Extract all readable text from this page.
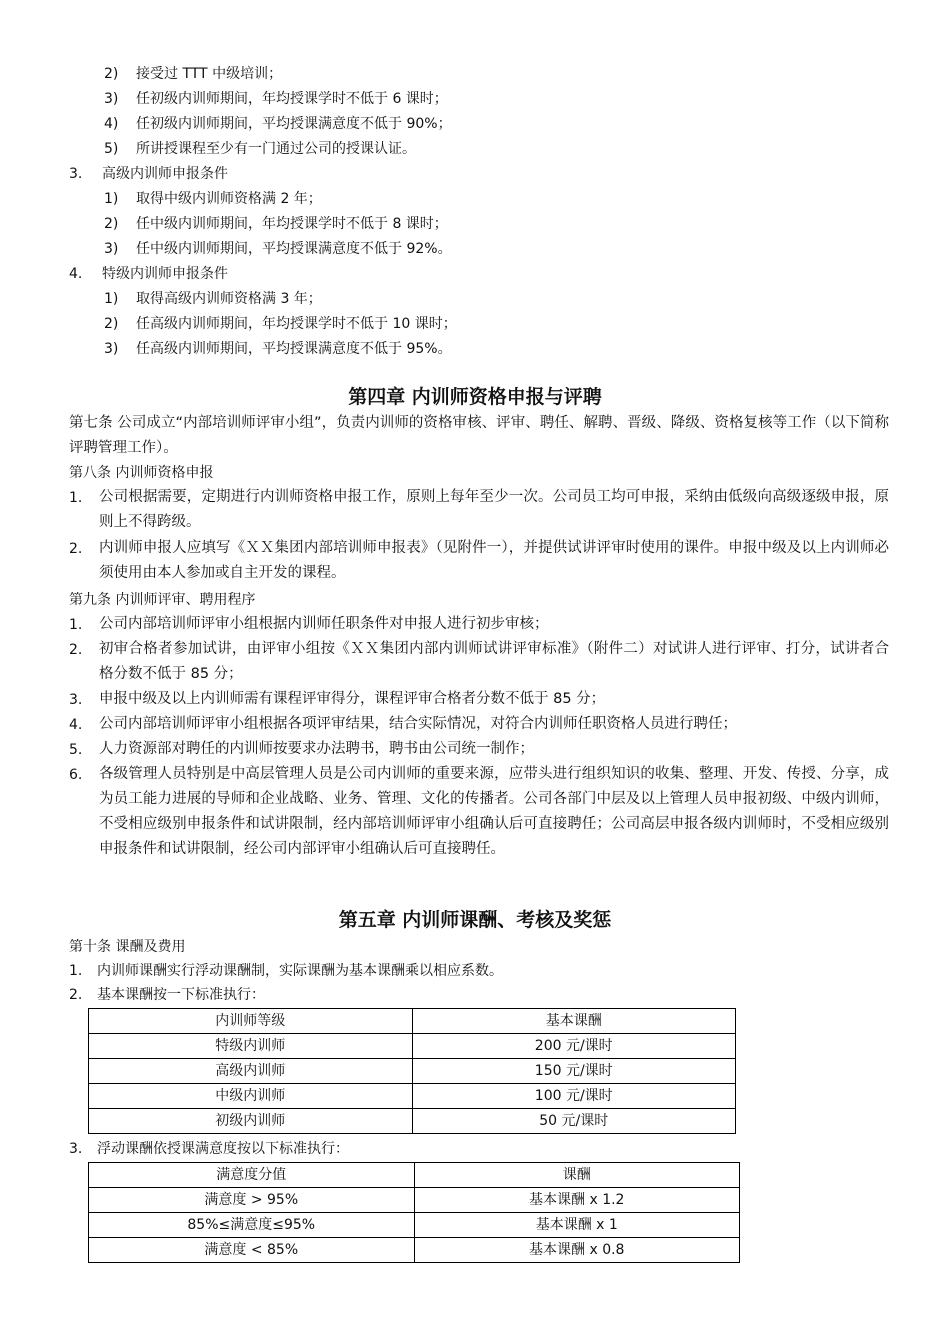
2) 接受过 TTT 中级培训；
3) 任初级内训师期间，年均授课学时不低于 6 课时；
4) 任初级内训师期间，平均授课满意度不低于 90%；
5) 所讲授课程至少有一门通过公司的授课认证。
3. 高级内训师申报条件
1) 取得中级内训师资格满 2 年；
2) 任中级内训师期间，年均授课学时不低于 8 课时；
3) 任中级内训师期间，平均授课满意度不低于 92%。
4. 特级内训师申报条件
1) 取得高级内训师资格满 3 年；
2) 任高级内训师期间，年均授课学时不低于 10 课时；
3) 任高级内训师期间，平均授课满意度不低于 95%。
第四章 内训师资格申报与评聘
第七条 公司成立“内部培训师评审小组”，负责内训师的资格审核、评审、聘任、解聘、晋级、降级、资格复核等工作（以下简称评聘管理工作）。
第八条 内训师资格申报
1. 公司根据需要，定期进行内训师资格申报工作，原则上每年至少一次。公司员工均可申报，采纳由低级向高级逐级申报，原则上不得跨级。
2. 内训师申报人应填写《ＸＸ集团内部培训师申报表》（见附件一），并提供试讲评审时使用的课件。申报中级及以上内训师必须使用由本人参加或自主开发的课程。
第九条 内训师评审、聘用程序
1. 公司内部培训师评审小组根据内训师任职条件对申报人进行初步审核；
2. 初审合格者参加试讲，由评审小组按《ＸＸ集团内部内训师试讲评审标准》（附件二）对试讲人进行评审、打分，试讲者合格分数不低于 85 分；
3. 申报中级及以上内训师需有课程评审得分，课程评审合格者分数不低于 85 分；
4. 公司内部培训师评审小组根据各项评审结果，结合实际情况，对符合内训师任职资格人员进行聘任；
5. 人力资源部对聘任的内训师按要求办法聘书，聘书由公司统一制作；
6. 各级管理人员特别是中高层管理人员是公司内训师的重要来源，应带头进行组织知识的收集、整理、开发、传授、分享，成为员工能力进展的导师和企业战略、业务、管理、文化的传播者。公司各部门中层及以上管理人员申报初级、中级内训师，不受相应级别申报条件和试讲限制，经内部培训师评审小组确认后可直接聘任；公司高层申报各级内训师时，不受相应级别申报条件和试讲限制，经公司内部评审小组确认后可直接聘任。
第五章 内训师课酬、考核及奖惩
第十条 课酬及费用
1. 内训师课酬实行浮动课酬制，实际课酬为基本课酬乘以相应系数。
2. 基本课酬按一下标准执行：
内训师等级	基本课酬
特级内训师	200 元/课时
高级内训师	150 元/课时
中级内训师	100 元/课时
初级内训师	50 元/课时
3. 浮动课酬依授课满意度按以下标准执行：
满意度分值	课酬
满意度 > 95%	基本课酬 x 1.2
85%≤满意度≤95%	基本课酬 x 1
满意度 < 85%	基本课酬 x 0.8
